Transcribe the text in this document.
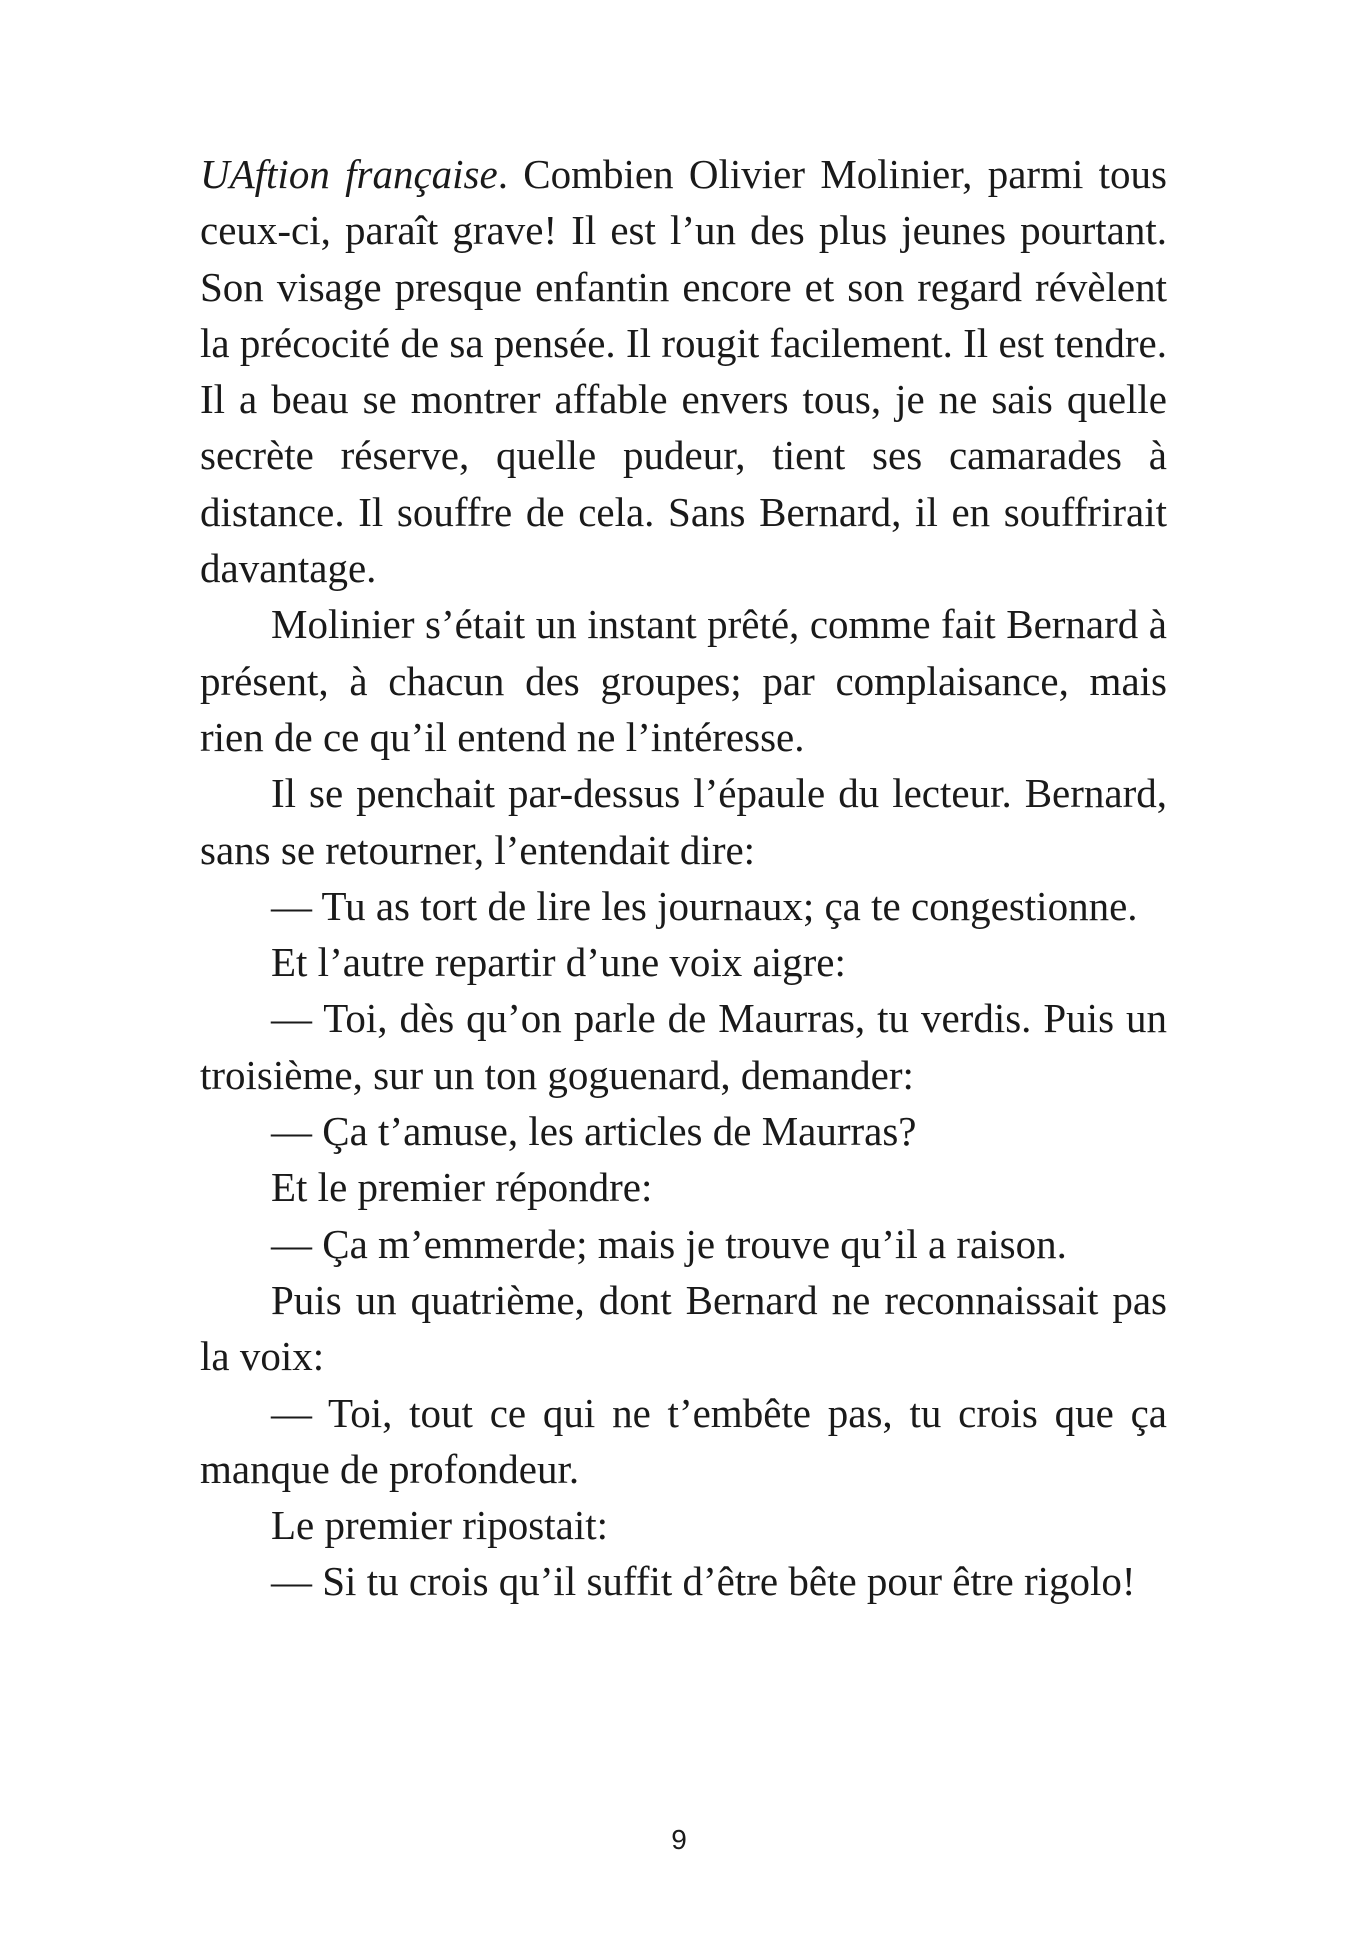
UAftion française. Combien Olivier Molinier, parmi tous ceux-ci, paraît grave! Il est l’un des plus jeunes pourtant. Son visage presque enfantin encore et son regard révèlent la précocité de sa pensée. Il rougit facilement. Il est tendre. Il a beau se montrer affable envers tous, je ne sais quelle secrète réserve, quelle pudeur, tient ses camarades à distance. Il souffre de cela. Sans Bernard, il en souffrirait davantage.

Molinier s’était un instant prêté, comme fait Bernard à présent, à chacun des groupes; par complaisance, mais rien de ce qu’il entend ne l’intéresse.

Il se penchait par-dessus l’épaule du lecteur. Bernard, sans se retourner, l’entendait dire:

— Tu as tort de lire les journaux; ça te congestionne.

Et l’autre repartir d’une voix aigre:

— Toi, dès qu’on parle de Maurras, tu verdis. Puis un troisième, sur un ton goguenard, demander:

— Ça t’amuse, les articles de Maurras?

Et le premier répondre:

— Ça m’emmerde; mais je trouve qu’il a raison.

Puis un quatrième, dont Bernard ne reconnaissait pas la voix:

— Toi, tout ce qui ne t’embête pas, tu crois que ça manque de profondeur.

Le premier ripostait:

— Si tu crois qu’il suffit d’être bête pour être rigolo!

9
